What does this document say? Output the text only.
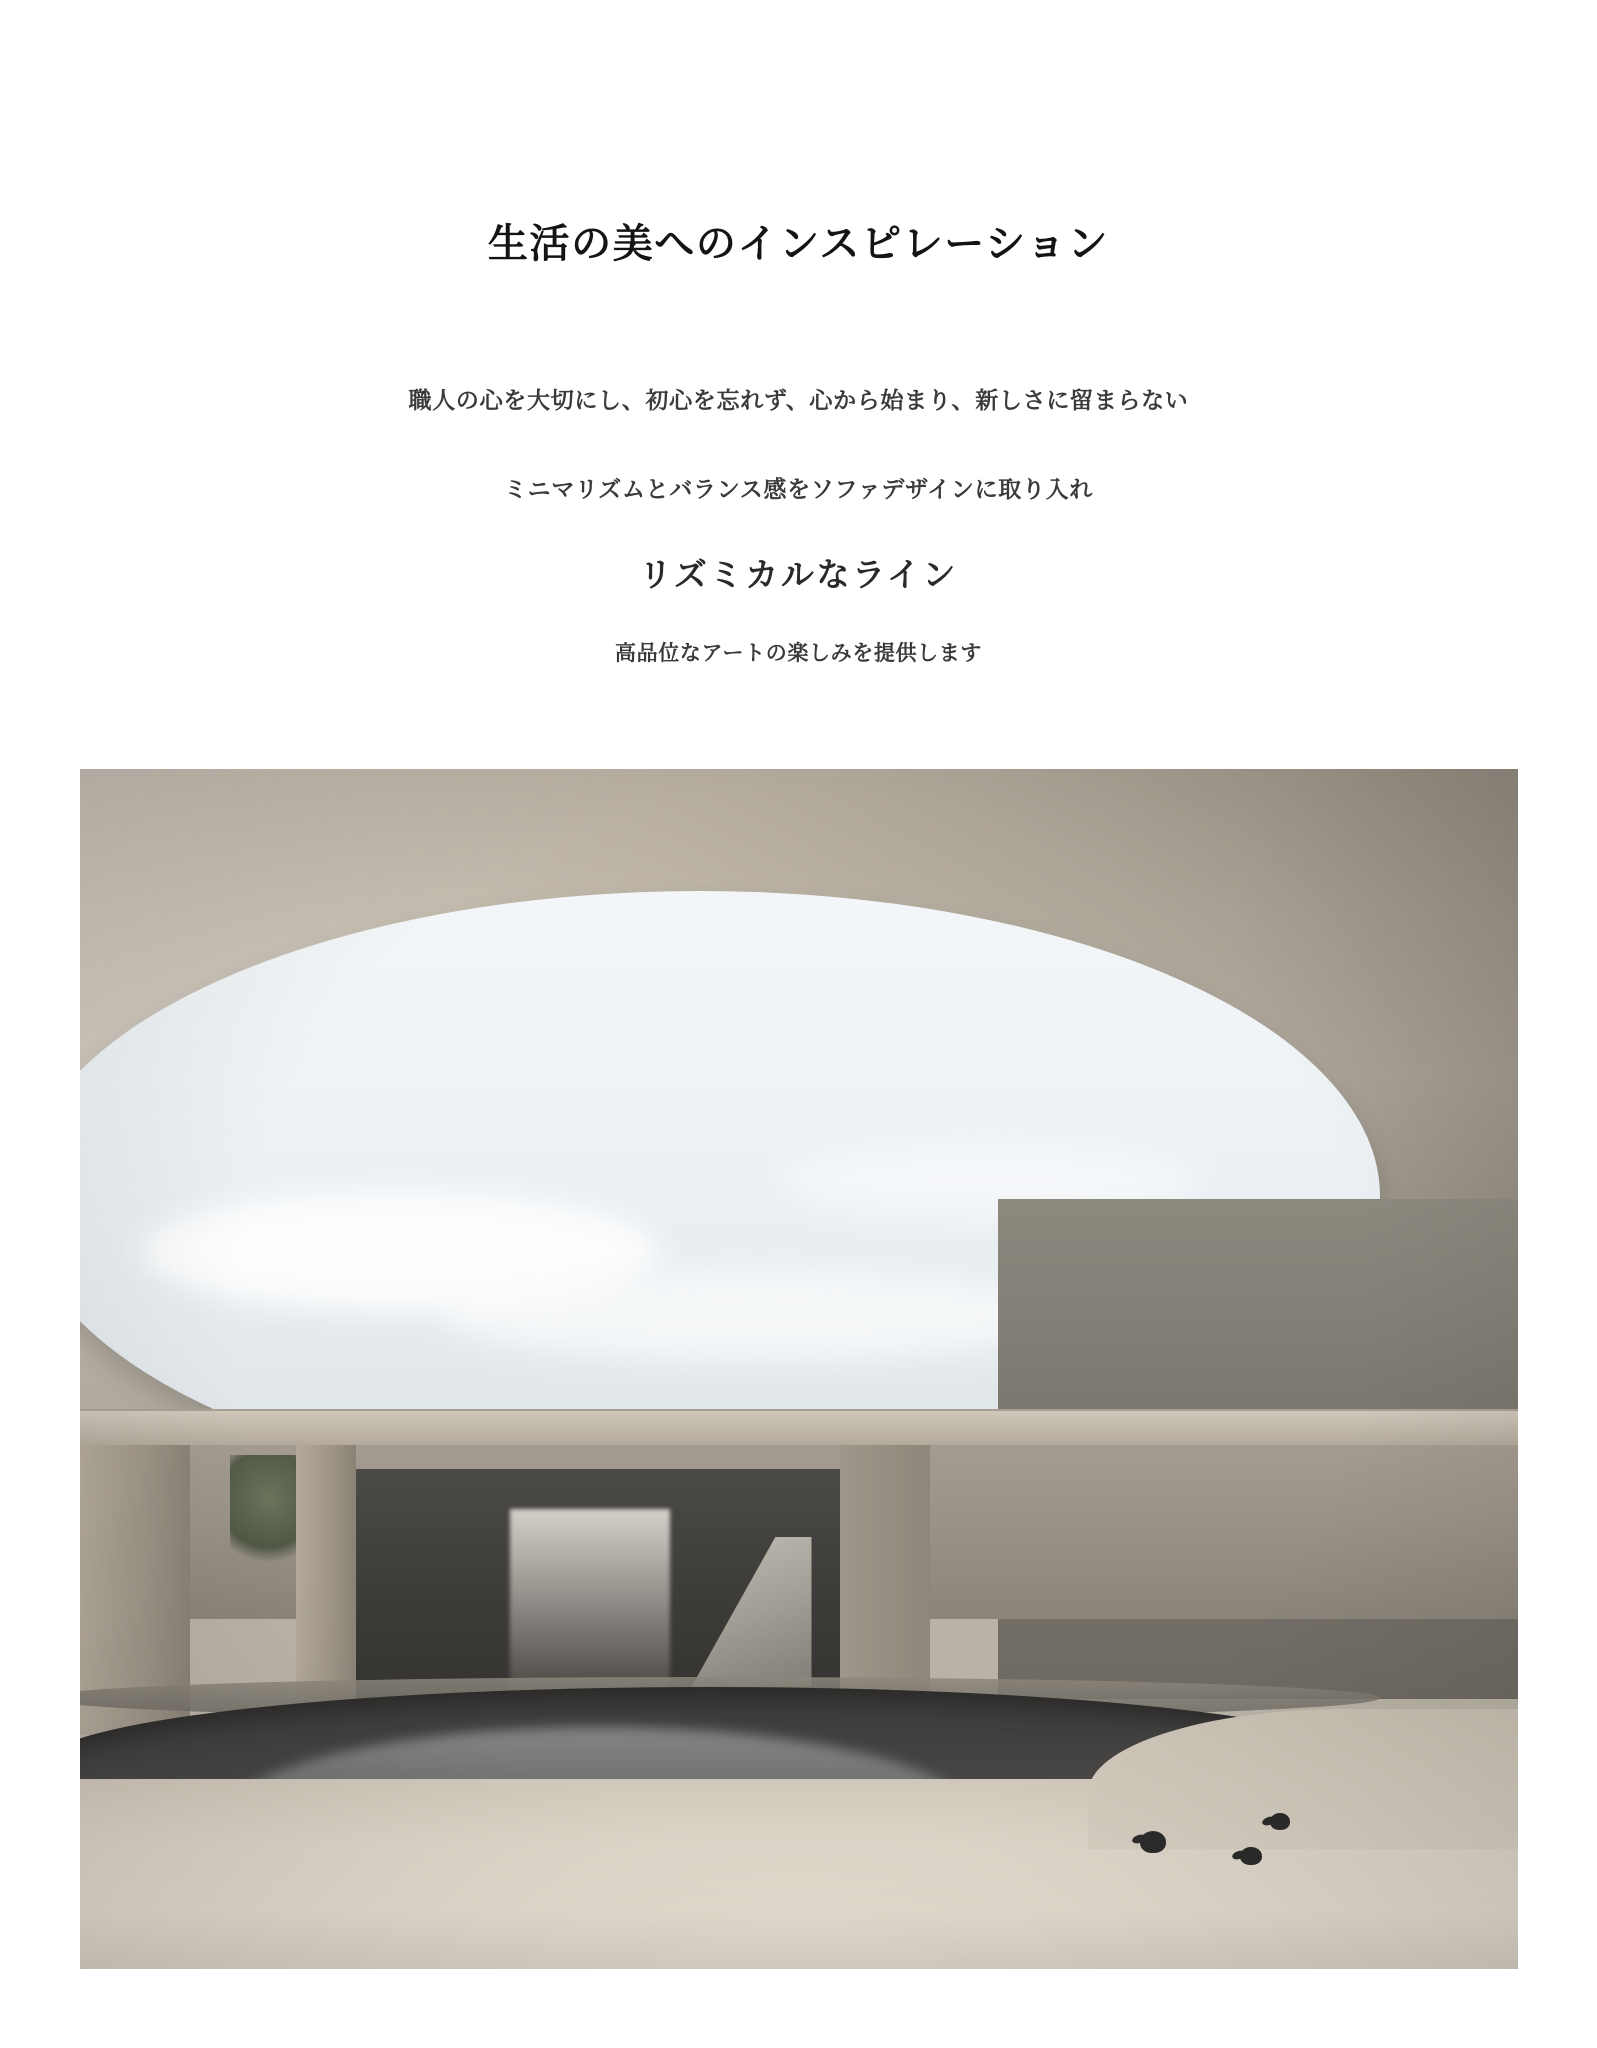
生活の美へのインスピレーション

職人の心を大切にし、初心を忘れず、心から始まり、新しさに留まらない

ミニマリズムとバランス感をソファデザインに取り入れ

リズミカルなライン

高品位なアートの楽しみを提供します
